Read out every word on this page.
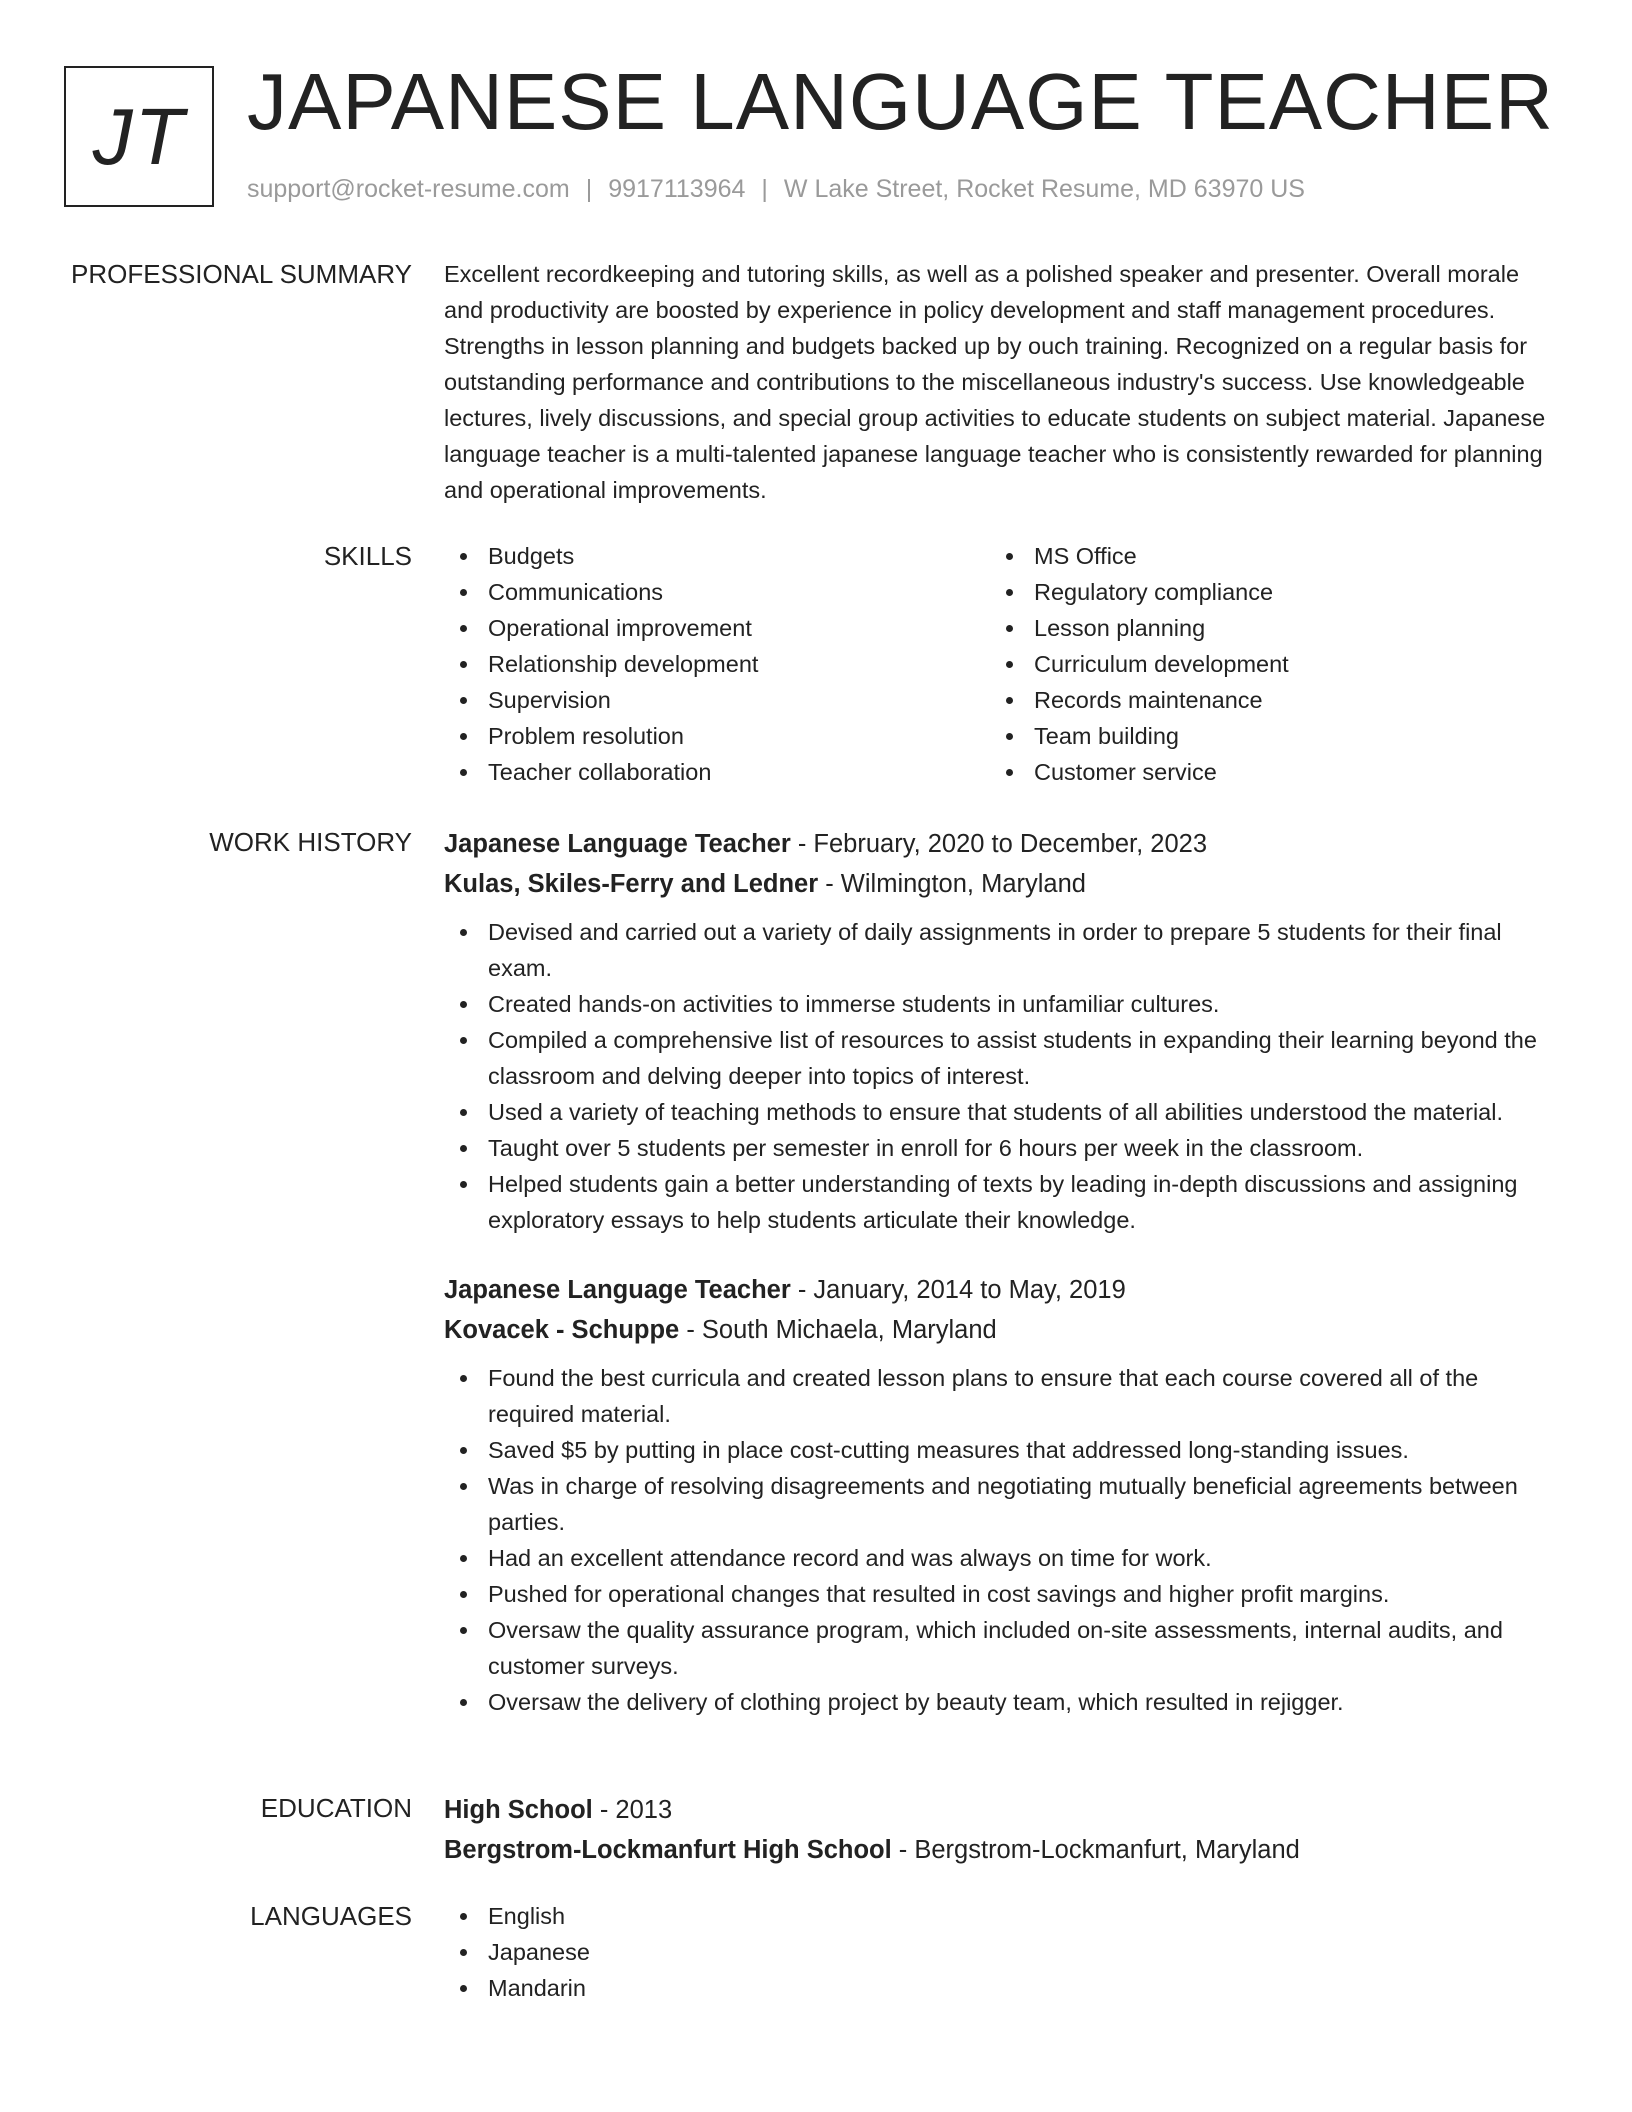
JT JAPANESE LANGUAGE TEACHER
support@rocket-resume.com | 9917113964 | W Lake Street, Rocket Resume, MD 63970 US
PROFESSIONAL SUMMARY Excellent recordkeeping and tutoring skills, as well as a polished speaker and presenter. Overall morale and productivity are boosted by experience in policy development and staff management procedures. Strengths in lesson planning and budgets backed up by ouch training. Recognized on a regular basis for outstanding performance and contributions to the miscellaneous industry's success. Use knowledgeable lectures, lively discussions, and special group activities to educate students on subject material. Japanese language teacher is a multi-talented japanese language teacher who is consistently rewarded for planning and operational improvements.

SKILLS	Budgets
Communications
Operational improvement
Relationship development
Supervision
Problem resolution
Teacher collaboration
MS Office
Regulatory compliance
Lesson planning
Curriculum development
Records maintenance
Team building
Customer service
WORK HISTORY Japanese Language Teacher - February, 2020 to December, 2023
Kulas, Skiles-Ferry and Ledner - Wilmington, Maryland
Devised and carried out a variety of daily assignments in order to prepare 5 students for their final exam.
Created hands-on activities to immerse students in unfamiliar cultures.
Compiled a comprehensive list of resources to assist students in expanding their learning beyond the classroom and delving deeper into topics of interest.
Used a variety of teaching methods to ensure that students of all abilities understood the material.
Taught over 5 students per semester in enroll for 6 hours per week in the classroom.
Helped students gain a better understanding of texts by leading in-depth discussions and assigning exploratory essays to help students articulate their knowledge.
Japanese Language Teacher - January, 2014 to May, 2019
Kovacek - Schuppe - South Michaela, Maryland
Found the best curricula and created lesson plans to ensure that each course covered all of the required material.
Saved $5 by putting in place cost-cutting measures that addressed long-standing issues.
Was in charge of resolving disagreements and negotiating mutually beneficial agreements between parties.
Had an excellent attendance record and was always on time for work.
Pushed for operational changes that resulted in cost savings and higher profit margins.
Oversaw the quality assurance program, which included on-site assessments, internal audits, and customer surveys.
Oversaw the delivery of clothing project by beauty team, which resulted in rejigger.
EDUCATION High School - 2013
Bergstrom-Lockmanfurt High School - Bergstrom-Lockmanfurt, Maryland
LANGUAGES	English
Japanese
Mandarin
